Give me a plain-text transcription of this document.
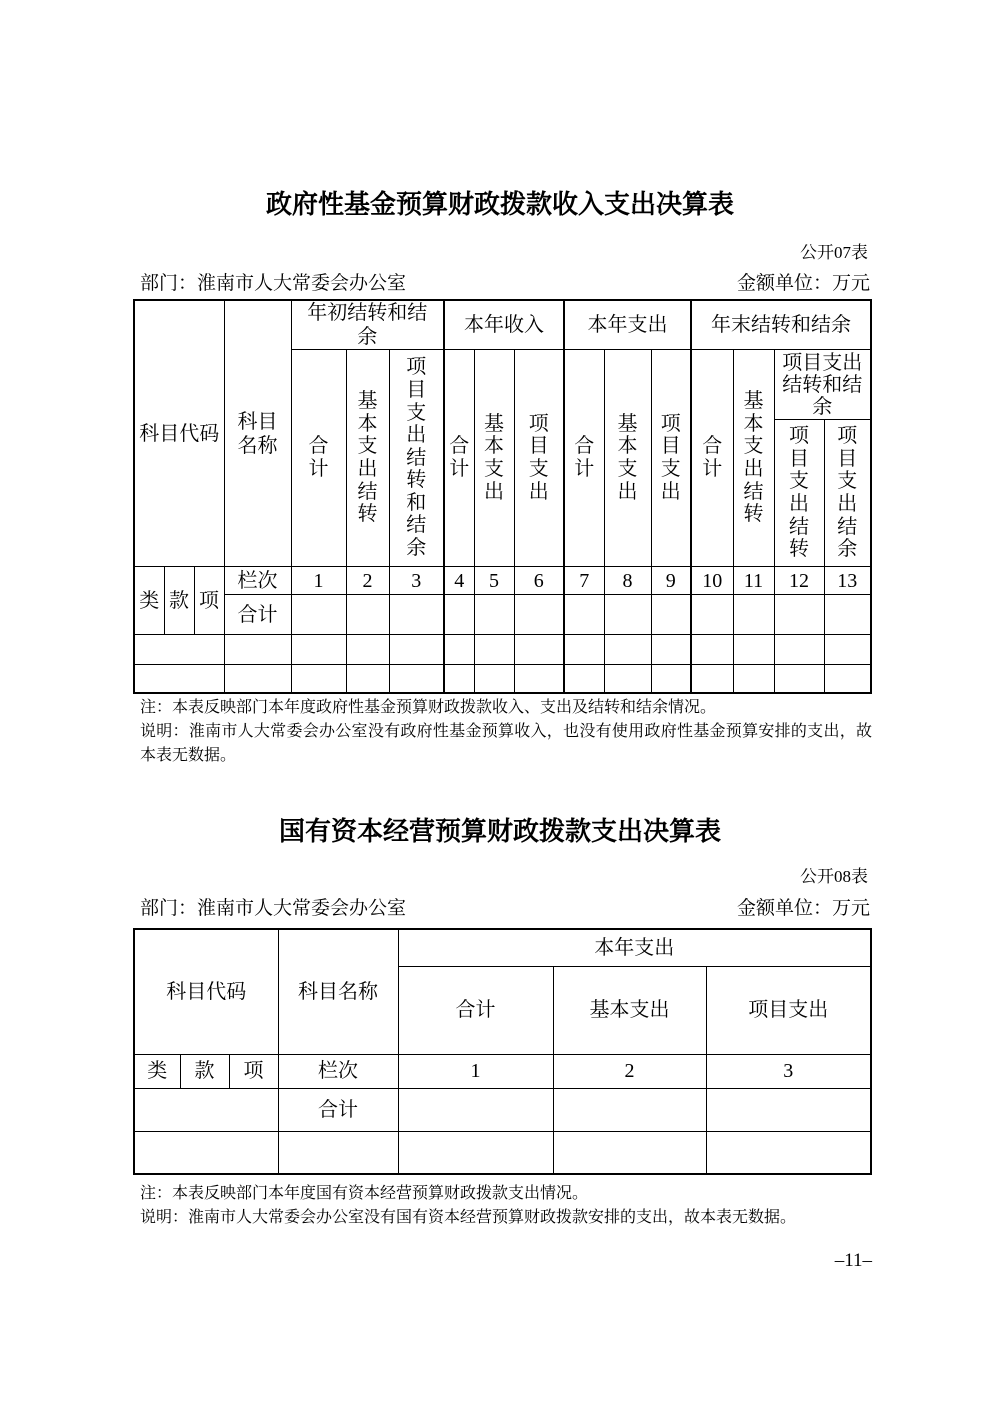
政府性基金预算财政拨款收入支出决算表
公开07表
部门：淮南市人大常委会办公室	金额单位：万元
科目代码			科目名称	年初结转和结余			本年收入			本年支出			年末结转和结余			
				合计	基本支出结转	项目支出结转和结余	合计	基本支出	项目支出	合计	基本支出	项目支出	合计	基本支出结转	项目支出结转和结余	
															项目支出结转	项目支出结余
类	款	项	栏次	1	2	3	4	5	6	7	8	9	10	11	12	13
			合计													

注：本表反映部门本年度政府性基金预算财政拨款收入、支出及结转和结余情况。
说明：淮南市人大常委会办公室没有政府性基金预算收入，也没有使用政府性基金预算安排的支出，故本表无数据。
国有资本经营预算财政拨款支出决算表
公开08表
部门：淮南市人大常委会办公室	金额单位：万元
科目代码			科目名称	本年支出		
				合计	基本支出	项目支出
类	款	项	栏次	1	2	3
			合计			

注：本表反映部门本年度国有资本经营预算财政拨款支出情况。
说明：淮南市人大常委会办公室没有国有资本经营预算财政拨款安排的支出，故本表无数据。
–11–
